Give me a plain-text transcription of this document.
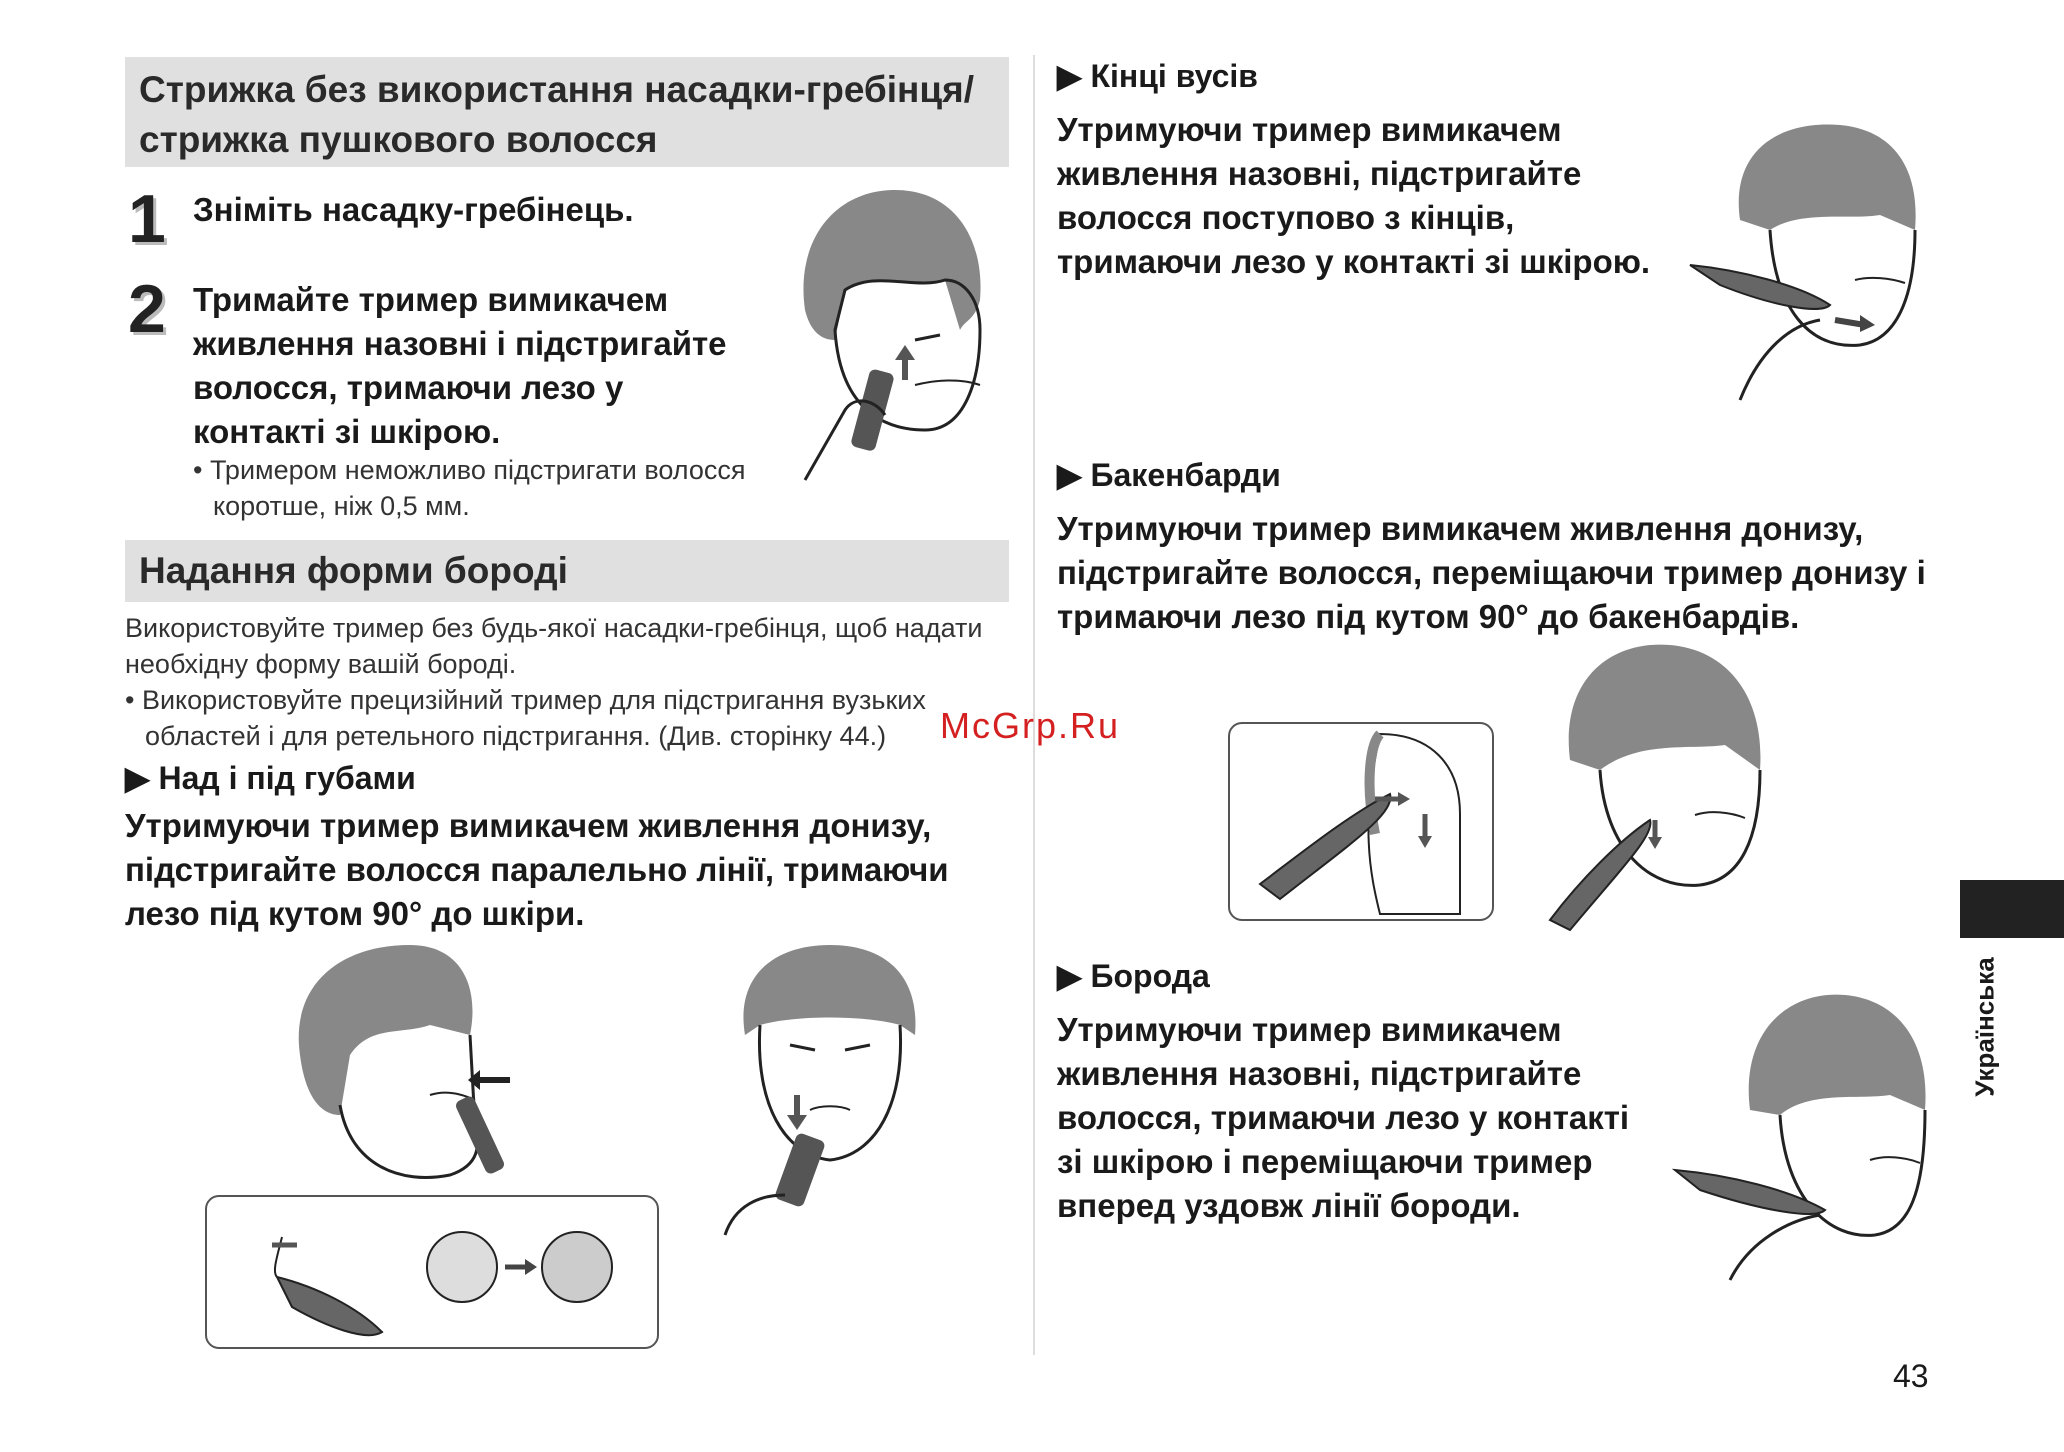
Стрижка без використання насадки-гребінця/ стрижка пушкового волосся
1 Зніміть насадку-гребінець.
2 Тримайте тример вимикачем живлення назовні і підстригайте волосся, тримаючи лезо у контакті зі шкірою.
• Тримером неможливо підстригати волосся коротше, ніж 0,5 мм.
Надання форми бороді
Використовуйте тример без будь-якої насадки-гребінця, щоб надати необхідну форму вашій бороді.
• Використовуйте прецизійний тример для підстригання вузьких областей і для ретельного підстригання. (Див. сторінку 44.)
▶ Над і під губами
Утримуючи тример вимикачем живлення донизу, підстригайте волосся паралельно лінії, тримаючи лезо під кутом 90° до шкіри.
▶ Кінці вусів
Утримуючи тример вимикачем живлення назовні, підстригайте волосся поступово з кінців, тримаючи лезо у контакті зі шкірою.
▶ Бакенбарди
Утримуючи тример вимикачем живлення донизу, підстригайте волосся, переміщаючи тример донизу і тримаючи лезо під кутом 90° до бакенбардів.
▶ Борода
Утримуючи тример вимикачем живлення назовні, підстригайте волосся, тримаючи лезо у контакті зі шкірою і переміщаючи тример вперед уздовж лінії бороди.
Українська
43
McGrp.Ru
